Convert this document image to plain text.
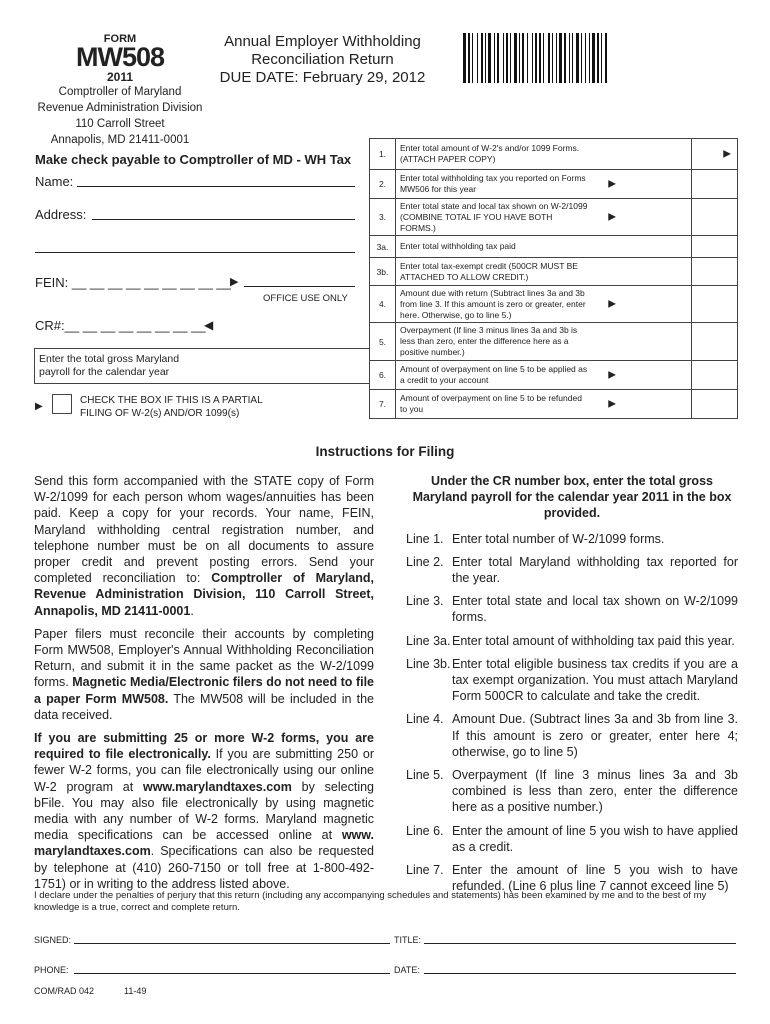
FORM
MW508
2011
Comptroller of Maryland
Revenue Administration Division
110 Carroll Street
Annapolis, MD 21411-0001
Annual Employer Withholding
Reconciliation Return
DUE DATE: February 29, 2012
Make check payable to Comptroller of MD - WH Tax
Name:
Address:
FEIN: __ __ __ __ __ __ __ __ __ ▶
OFFICE USE ONLY
CR#:__ __ __ __ __ __ __ __
◀
Enter the total gross Maryland payroll for the calendar year
▶
CHECK THE BOX IF THIS IS A PARTIAL FILING OF W-2(s) AND/OR 1099(s)
1.
Enter total amount of W-2's and/or 1099 Forms. (ATTACH PAPER COPY)	▶
2.
Enter total withholding tax you reported on Forms MW506 for this year	▶
3.
Enter total state and local tax shown on W-2/1099 (COMBINE TOTAL IF YOU HAVE BOTH FORMS.)
▶
3a.	Enter total withholding tax paid
3b.
Enter total tax-exempt credit (500CR MUST BE ATTACHED TO ALLOW CREDIT.)
4.
Amount due with return (Subtract lines 3a and 3b from line 3. If this amount is zero or greater, enter here. Otherwise, go to line 5.)
▶
5.
Overpayment (If line 3 minus lines 3a and 3b is less than zero, enter the difference here as a positive number.)
6.
Amount of overpayment on line 5 to be applied as a credit to your account	▶
7.
Amount of overpayment on line 5 to be refunded to you	▶
Instructions for Filing

Send this form accompanied with the STATE copy of Form W-2/1099 for each person whom wages/annuities has been paid. Keep a copy for your records. Your name, FEIN, Maryland withholding central registration number, and telephone number must be on all documents to assure proper credit and prevent posting errors. Send your completed reconciliation to: Comptroller of Maryland, Revenue Administration Division, 110 Carroll Street, Annapolis, MD 21411-0001.

Paper filers must reconcile their accounts by completing Form MW508, Employer's Annual Withholding Reconciliation Return, and submit it in the same packet as the W-2/1099 forms. Magnetic Media/Electronic filers do not need to file a paper Form MW508. The MW508 will be included in the data received.

If you are submitting 25 or more W-2 forms, you are required to file electronically. If you are submitting 250 or fewer W-2 forms, you can file electronically using our online W-2 program at www.marylandtaxes.com by selecting bFile. You may also file electronically by using magnetic media with any number of W-2 forms. Maryland magnetic media specifications can be accessed online at www. marylandtaxes.com. Specifications can also be requested by telephone at (410) 260-7150 or toll free at 1-800-492-1751) or in writing to the address listed above.

Under the CR number box, enter the total gross Maryland payroll for the calendar year 2011 in the box provided.
Line 1. Enter total number of W-2/1099 forms.
Line 2. Enter total Maryland withholding tax reported for the year.
Line 3. Enter total state and local tax shown on W-2/1099 forms.
Line 3a. Enter total amount of withholding tax paid this year.
Line 3b. Enter total eligible business tax credits if you are a tax exempt organization. You must attach Maryland Form 500CR to calculate and take the credit.
Line 4. Amount Due. (Subtract lines 3a and 3b from line 3. If this amount is zero or greater, enter here 4; otherwise, go to line 5)
Line 5. Overpayment (If line 3 minus lines 3a and 3b combined is less than zero, enter the difference here as a positive number.)
Line 6. Enter the amount of line 5 you wish to have applied as a credit.
Line 7. Enter the amount of line 5 you wish to have refunded. (Line 6 plus line 7 cannot exceed line 5)
I declare under the penalties of perjury that this return (including any accompanying schedules and statements) has been examined by me and to the best of my knowledge is a true, correct and complete return.
SIGNED:	TITLE:
PHONE:	DATE:
COM/RAD 042	11-49
